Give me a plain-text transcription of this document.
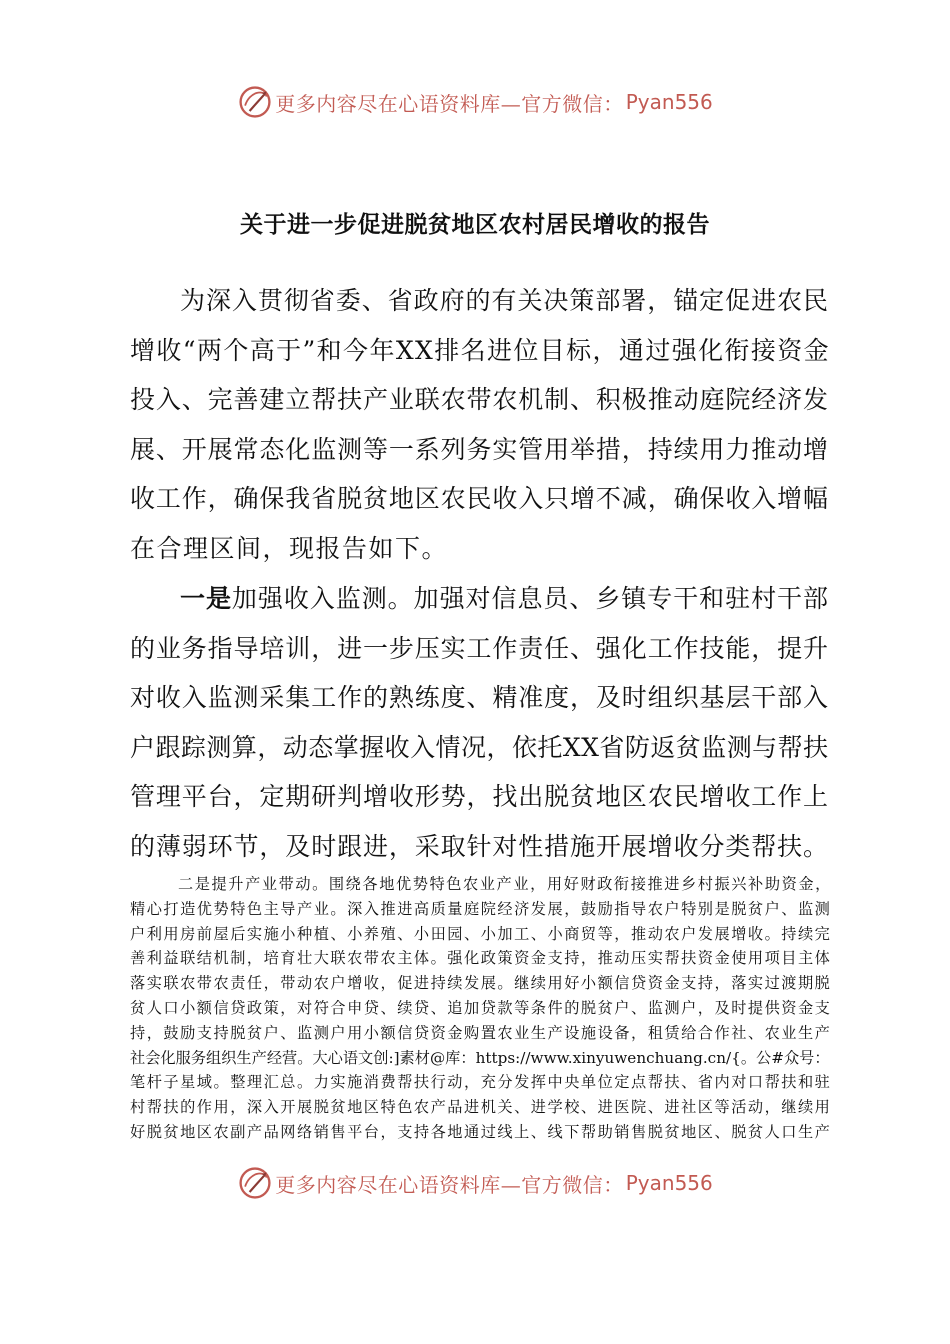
更多内容尽在心语资料库—官方微信： Pyan556
关于进一步促进脱贫地区农村居民增收的报告
为深入贯彻省委、省政府的有关决策部署，锚定促进农民
增收“两个高于”和今年XX排名进位目标，通过强化衔接资金
投入、完善建立帮扶产业联农带农机制、积极推动庭院经济发
展、开展常态化监测等一系列务实管用举措，持续用力推动增
收工作，确保我省脱贫地区农民收入只增不减，确保收入增幅
在合理区间，现报告如下。
一是加强收入监测。加强对信息员、乡镇专干和驻村干部
的业务指导培训，进一步压实工作责任、强化工作技能，提升
对收入监测采集工作的熟练度、精准度，及时组织基层干部入
户跟踪测算，动态掌握收入情况，依托XX省防返贫监测与帮扶
管理平台，定期研判增收形势，找出脱贫地区农民增收工作上
的薄弱环节，及时跟进，采取针对性措施开展增收分类帮扶。
二是提升产业带动。围绕各地优势特色农业产业，用好财政衔接推进乡村振兴补助资金，
精心打造优势特色主导产业。深入推进高质量庭院经济发展，鼓励指导农户特别是脱贫户、监测
户利用房前屋后实施小种植、小养殖、小田园、小加工、小商贸等，推动农户发展增收。持续完
善利益联结机制，培育壮大联农带农主体。强化政策资金支持，推动压实帮扶资金使用项目主体
落实联农带农责任，带动农户增收，促进持续发展。继续用好小额信贷资金支持，落实过渡期脱
贫人口小额信贷政策，对符合申贷、续贷、追加贷款等条件的脱贫户、监测户，及时提供资金支
持，鼓励支持脱贫户、监测户用小额信贷资金购置农业生产设施设备，租赁给合作社、农业生产
社会化服务组织生产经营。大心语文创:]素材@库：https://www.xinyuwenchuang.cn/{。公#众号：
笔杆子星域。整理汇总。力实施消费帮扶行动，充分发挥中央单位定点帮扶、省内对口帮扶和驻
村帮扶的作用，深入开展脱贫地区特色农产品进机关、进学校、进医院、进社区等活动，继续用
好脱贫地区农副产品网络销售平台，支持各地通过线上、线下帮助销售脱贫地区、脱贫人口生产
更多内容尽在心语资料库—官方微信： Pyan556
